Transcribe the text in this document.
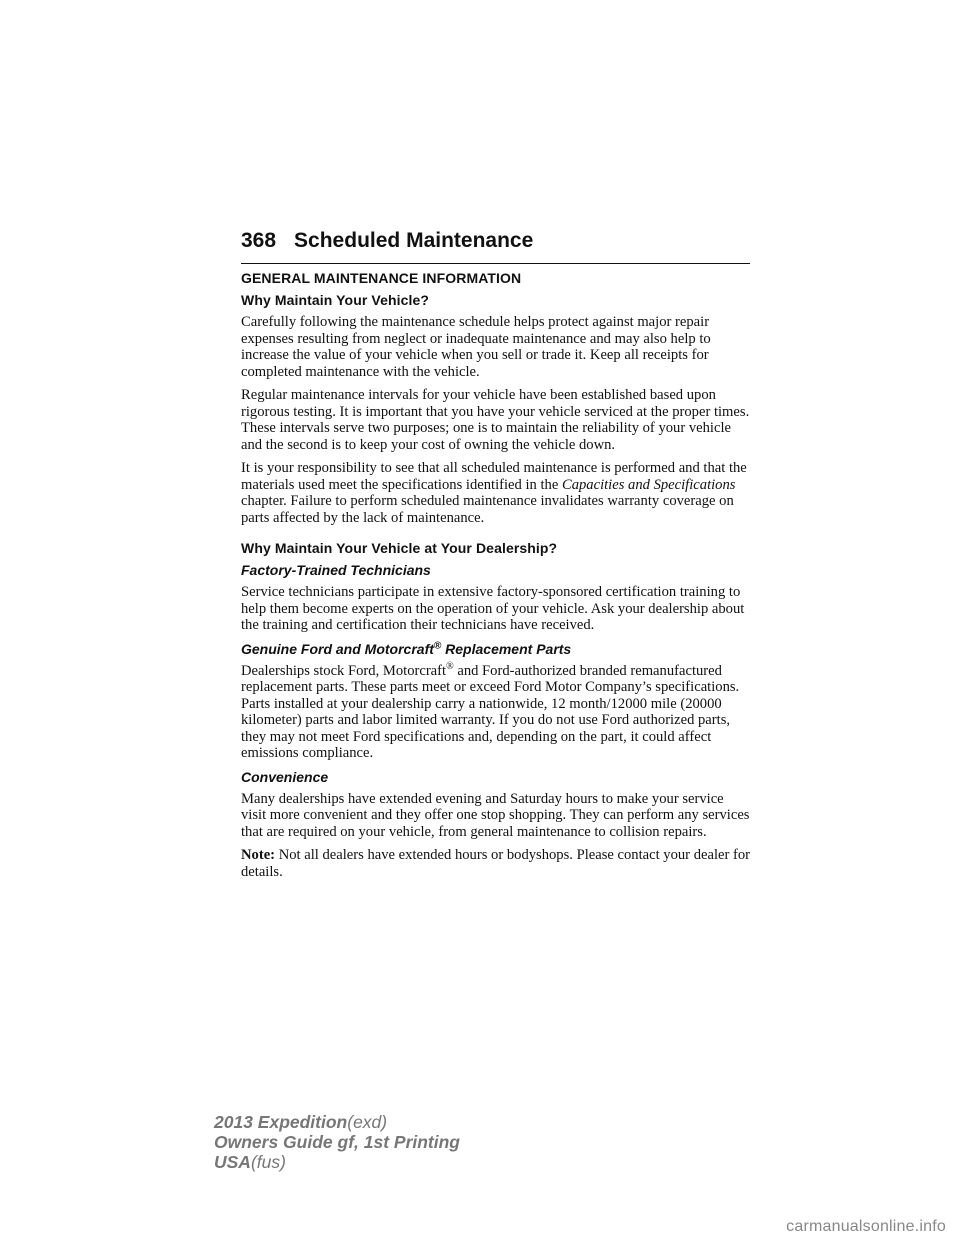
368 Scheduled Maintenance
GENERAL MAINTENANCE INFORMATION
Why Maintain Your Vehicle?

Carefully following the maintenance schedule helps protect against major repair expenses resulting from neglect or inadequate maintenance and may also help to increase the value of your vehicle when you sell or trade it. Keep all receipts for completed maintenance with the vehicle.

Regular maintenance intervals for your vehicle have been established based upon rigorous testing. It is important that you have your vehicle serviced at the proper times. These intervals serve two purposes; one is to maintain the reliability of your vehicle and the second is to keep your cost of owning the vehicle down.

It is your responsibility to see that all scheduled maintenance is performed and that the materials used meet the specifications identified in the Capacities and Specifications chapter. Failure to perform scheduled maintenance invalidates warranty coverage on parts affected by the lack of maintenance.

Why Maintain Your Vehicle at Your Dealership?
Factory-Trained Technicians

Service technicians participate in extensive factory-sponsored certification training to help them become experts on the operation of your vehicle. Ask your dealership about the training and certification their technicians have received.

Genuine Ford and Motorcraft® Replacement Parts

Dealerships stock Ford, Motorcraft® and Ford-authorized branded remanufactured replacement parts. These parts meet or exceed Ford Motor Company’s specifications. Parts installed at your dealership carry a nationwide, 12 month/12000 mile (20000 kilometer) parts and labor limited warranty. If you do not use Ford authorized parts, they may not meet Ford specifications and, depending on the part, it could affect emissions compliance.

Convenience

Many dealerships have extended evening and Saturday hours to make your service visit more convenient and they offer one stop shopping. They can perform any services that are required on your vehicle, from general maintenance to collision repairs.

Note: Not all dealers have extended hours or bodyshops. Please contact your dealer for details.

2013 Expedition(exd)
Owners Guide gf, 1st Printing
USA(fus)
carmanualsonline.info
